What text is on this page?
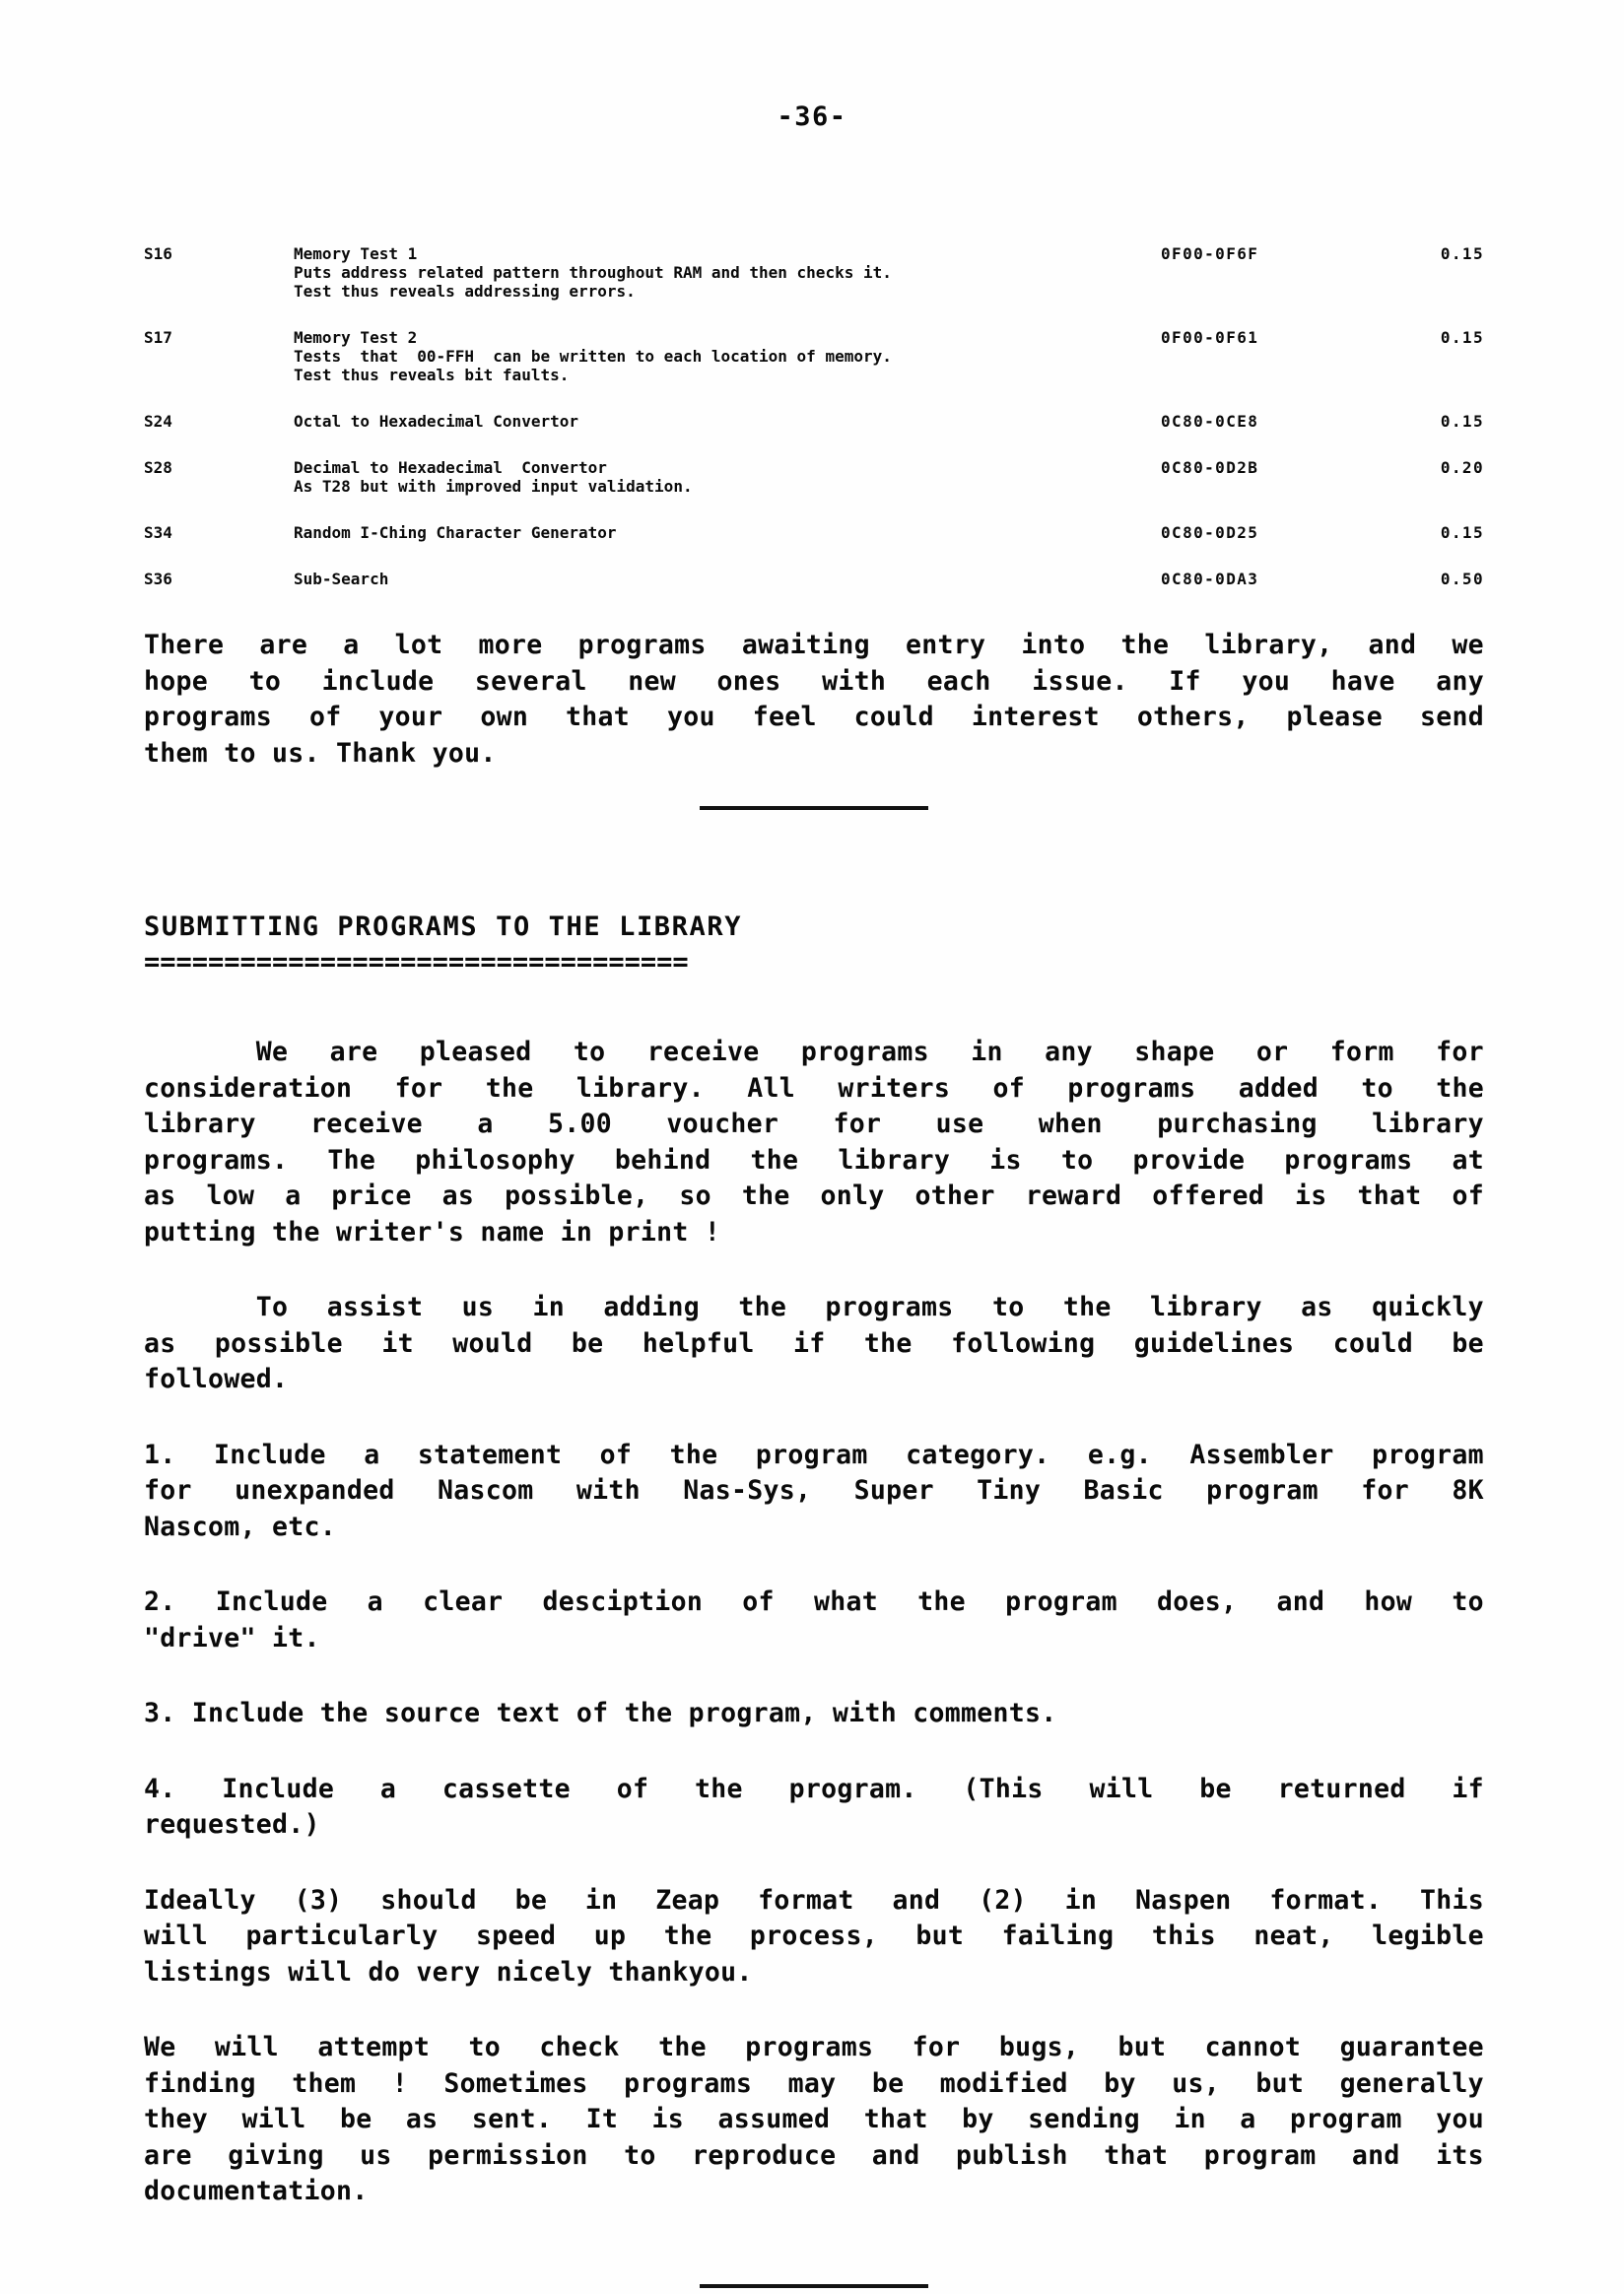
-36-
S16	Memory Test 1	0F00-0F6F	0.15
Puts address related pattern throughout RAM and then checks it.
Test thus reveals addressing errors.
S17	Memory Test 2	0F00-0F61	0.15
Tests  that  00-FFH  can be written to each location of memory.
Test thus reveals bit faults.
S24	Octal to Hexadecimal Convertor	0C80-0CE8	0.15
S28	Decimal to Hexadecimal  Convertor	0C80-0D2B	0.20
As T28 but with improved input validation.
S34	Random I-Ching Character Generator	0C80-0D25	0.15
S36	Sub-Search	0C80-0DA3	0.50
There are a lot more programs awaiting entry into the library, and we
hope to include several new ones with each issue. If you have any
programs of your own that you feel could interest others, please send
them to us. Thank you.
SUBMITTING PROGRAMS TO THE LIBRARY
==================================
We are pleased to receive programs in any shape or form for
consideration for the library. All writers of programs added to the
library receive a 5.00 voucher for use when purchasing library
programs. The philosophy behind the library is to provide programs at
as low a price as possible, so the only other reward offered is that of
putting the writer's name in print !
To assist us in adding the programs to the library as quickly
as possible it would be helpful if the following guidelines could be
followed.
1. Include a statement of the program category. e.g. Assembler program
for unexpanded Nascom with Nas-Sys, Super Tiny Basic program for 8K
Nascom, etc.
2. Include a clear desciption of what the program does, and how to
"drive" it.
3. Include the source text of the program, with comments.
4. Include a cassette of the program. (This will be returned if
requested.)
Ideally (3) should be in Zeap format and (2) in Naspen format. This
will particularly speed up the process, but failing this neat, legible
listings will do very nicely thankyou.
We will attempt to check the programs for bugs, but cannot guarantee
finding them ! Sometimes programs may be modified by us, but generally
they will be as sent. It is assumed that by sending in a program you
are giving us permission to reproduce and publish that program and its
documentation.
